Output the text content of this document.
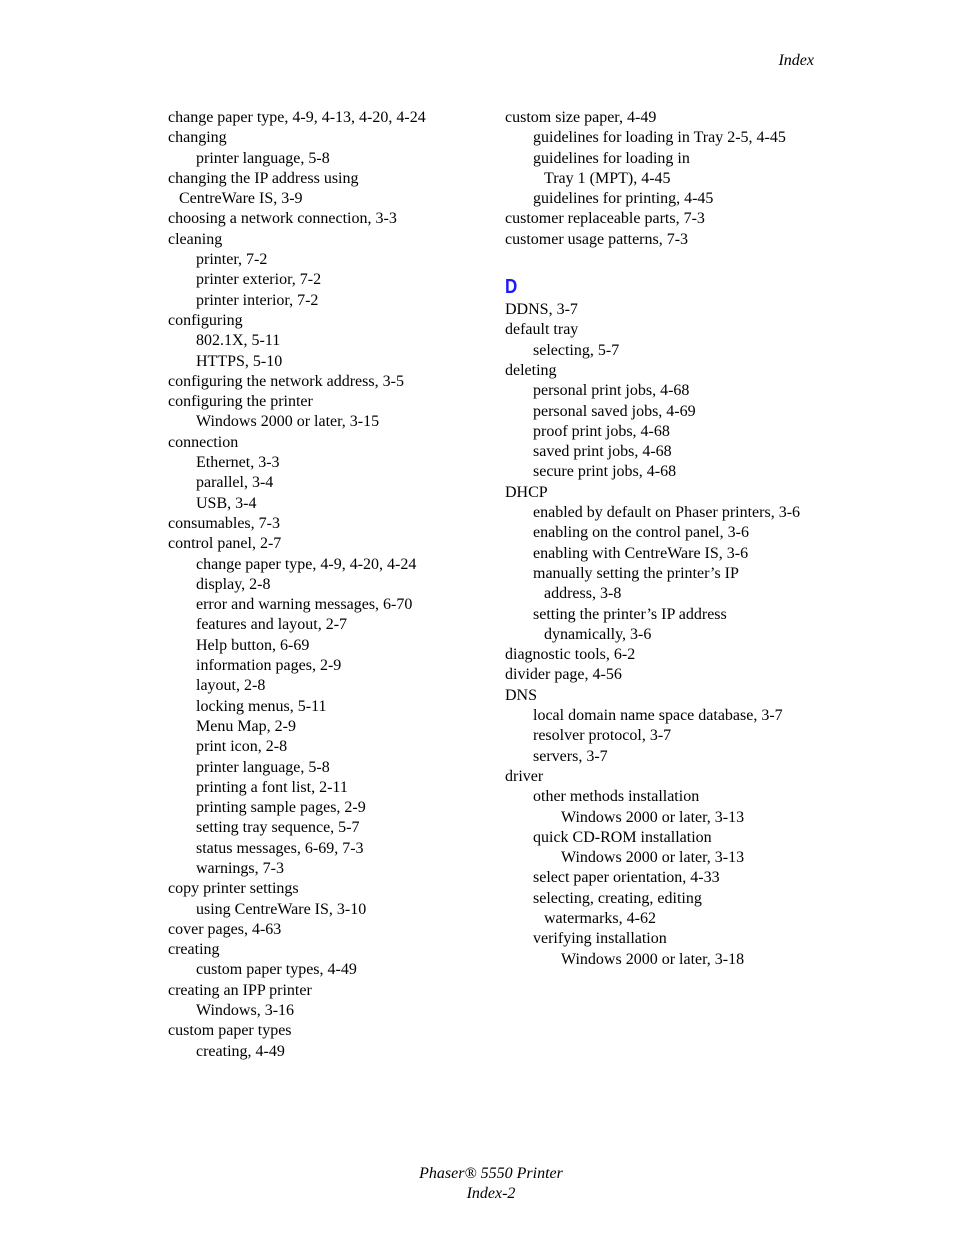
Index
change paper type, 4-9, 4-13, 4-20, 4-24
changing
printer language, 5-8
changing the IP address using
CentreWare IS, 3-9
choosing a network connection, 3-3
cleaning
printer, 7-2
printer exterior, 7-2
printer interior, 7-2
configuring
802.1X, 5-11
HTTPS, 5-10
configuring the network address, 3-5
configuring the printer
Windows 2000 or later, 3-15
connection
Ethernet, 3-3
parallel, 3-4
USB, 3-4
consumables, 7-3
control panel, 2-7
change paper type, 4-9, 4-20, 4-24
display, 2-8
error and warning messages, 6-70
features and layout, 2-7
Help button, 6-69
information pages, 2-9
layout, 2-8
locking menus, 5-11
Menu Map, 2-9
print icon, 2-8
printer language, 5-8
printing a font list, 2-11
printing sample pages, 2-9
setting tray sequence, 5-7
status messages, 6-69, 7-3
warnings, 7-3
copy printer settings
using CentreWare IS, 3-10
cover pages, 4-63
creating
custom paper types, 4-49
creating an IPP printer
Windows, 3-16
custom paper types
creating, 4-49
custom size paper, 4-49
guidelines for loading in Tray 2-5, 4-45
guidelines for loading in
Tray 1 (MPT), 4-45
guidelines for printing, 4-45
customer replaceable parts, 7-3
customer usage patterns, 7-3
D
DDNS, 3-7
default tray
selecting, 5-7
deleting
personal print jobs, 4-68
personal saved jobs, 4-69
proof print jobs, 4-68
saved print jobs, 4-68
secure print jobs, 4-68
DHCP
enabled by default on Phaser printers, 3-6
enabling on the control panel, 3-6
enabling with CentreWare IS, 3-6
manually setting the printer’s IP
address, 3-8
setting the printer’s IP address
dynamically, 3-6
diagnostic tools, 6-2
divider page, 4-56
DNS
local domain name space database, 3-7
resolver protocol, 3-7
servers, 3-7
driver
other methods installation
Windows 2000 or later, 3-13
quick CD-ROM installation
Windows 2000 or later, 3-13
select paper orientation, 4-33
selecting, creating, editing
watermarks, 4-62
verifying installation
Windows 2000 or later, 3-18
Phaser® 5550 Printer
Index-2
